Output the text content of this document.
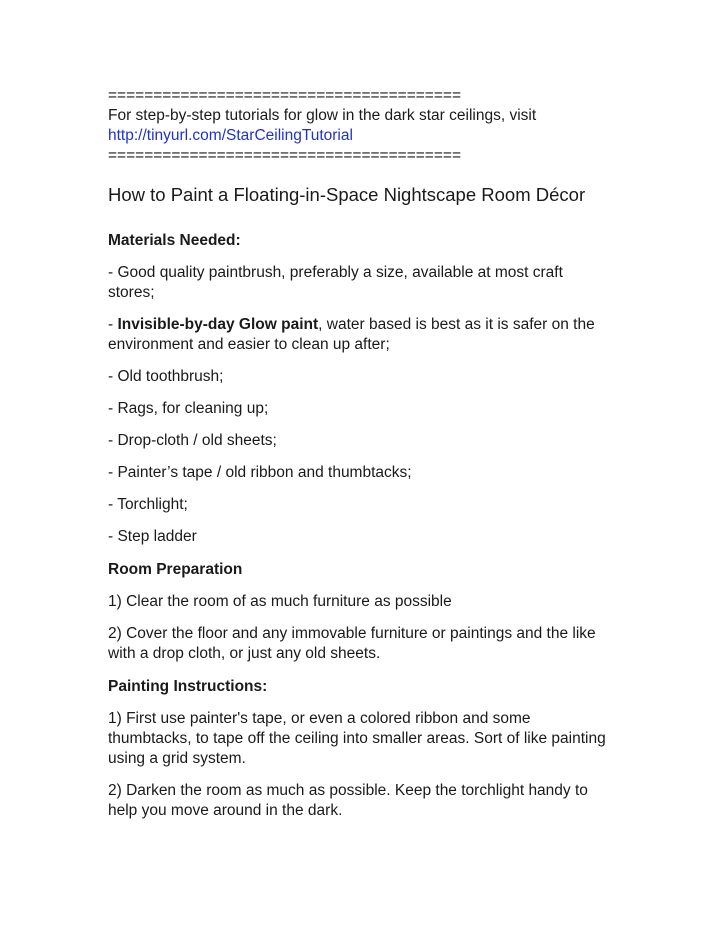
=======================================
For step-by-step tutorials for glow in the dark star ceilings, visit
http://tinyurl.com/StarCeilingTutorial
=======================================
How to Paint a Floating-in-Space Nightscape Room Décor
Materials Needed:

- Good quality paintbrush, preferably a size, available at most craft stores;

- Invisible-by-day Glow paint, water based is best as it is safer on the environment and easier to clean up after;

- Old toothbrush;

- Rags, for cleaning up;

- Drop-cloth / old sheets;

- Painter’s tape / old ribbon and thumbtacks;

- Torchlight;

- Step ladder

Room Preparation

1) Clear the room of as much furniture as possible

2) Cover the floor and any immovable furniture or paintings and the like with a drop cloth, or just any old sheets.

Painting Instructions:

1) First use painter's tape, or even a colored ribbon and some thumbtacks, to tape off the ceiling into smaller areas. Sort of like painting using a grid system.

2) Darken the room as much as possible. Keep the torchlight handy to help you move around in the dark.
